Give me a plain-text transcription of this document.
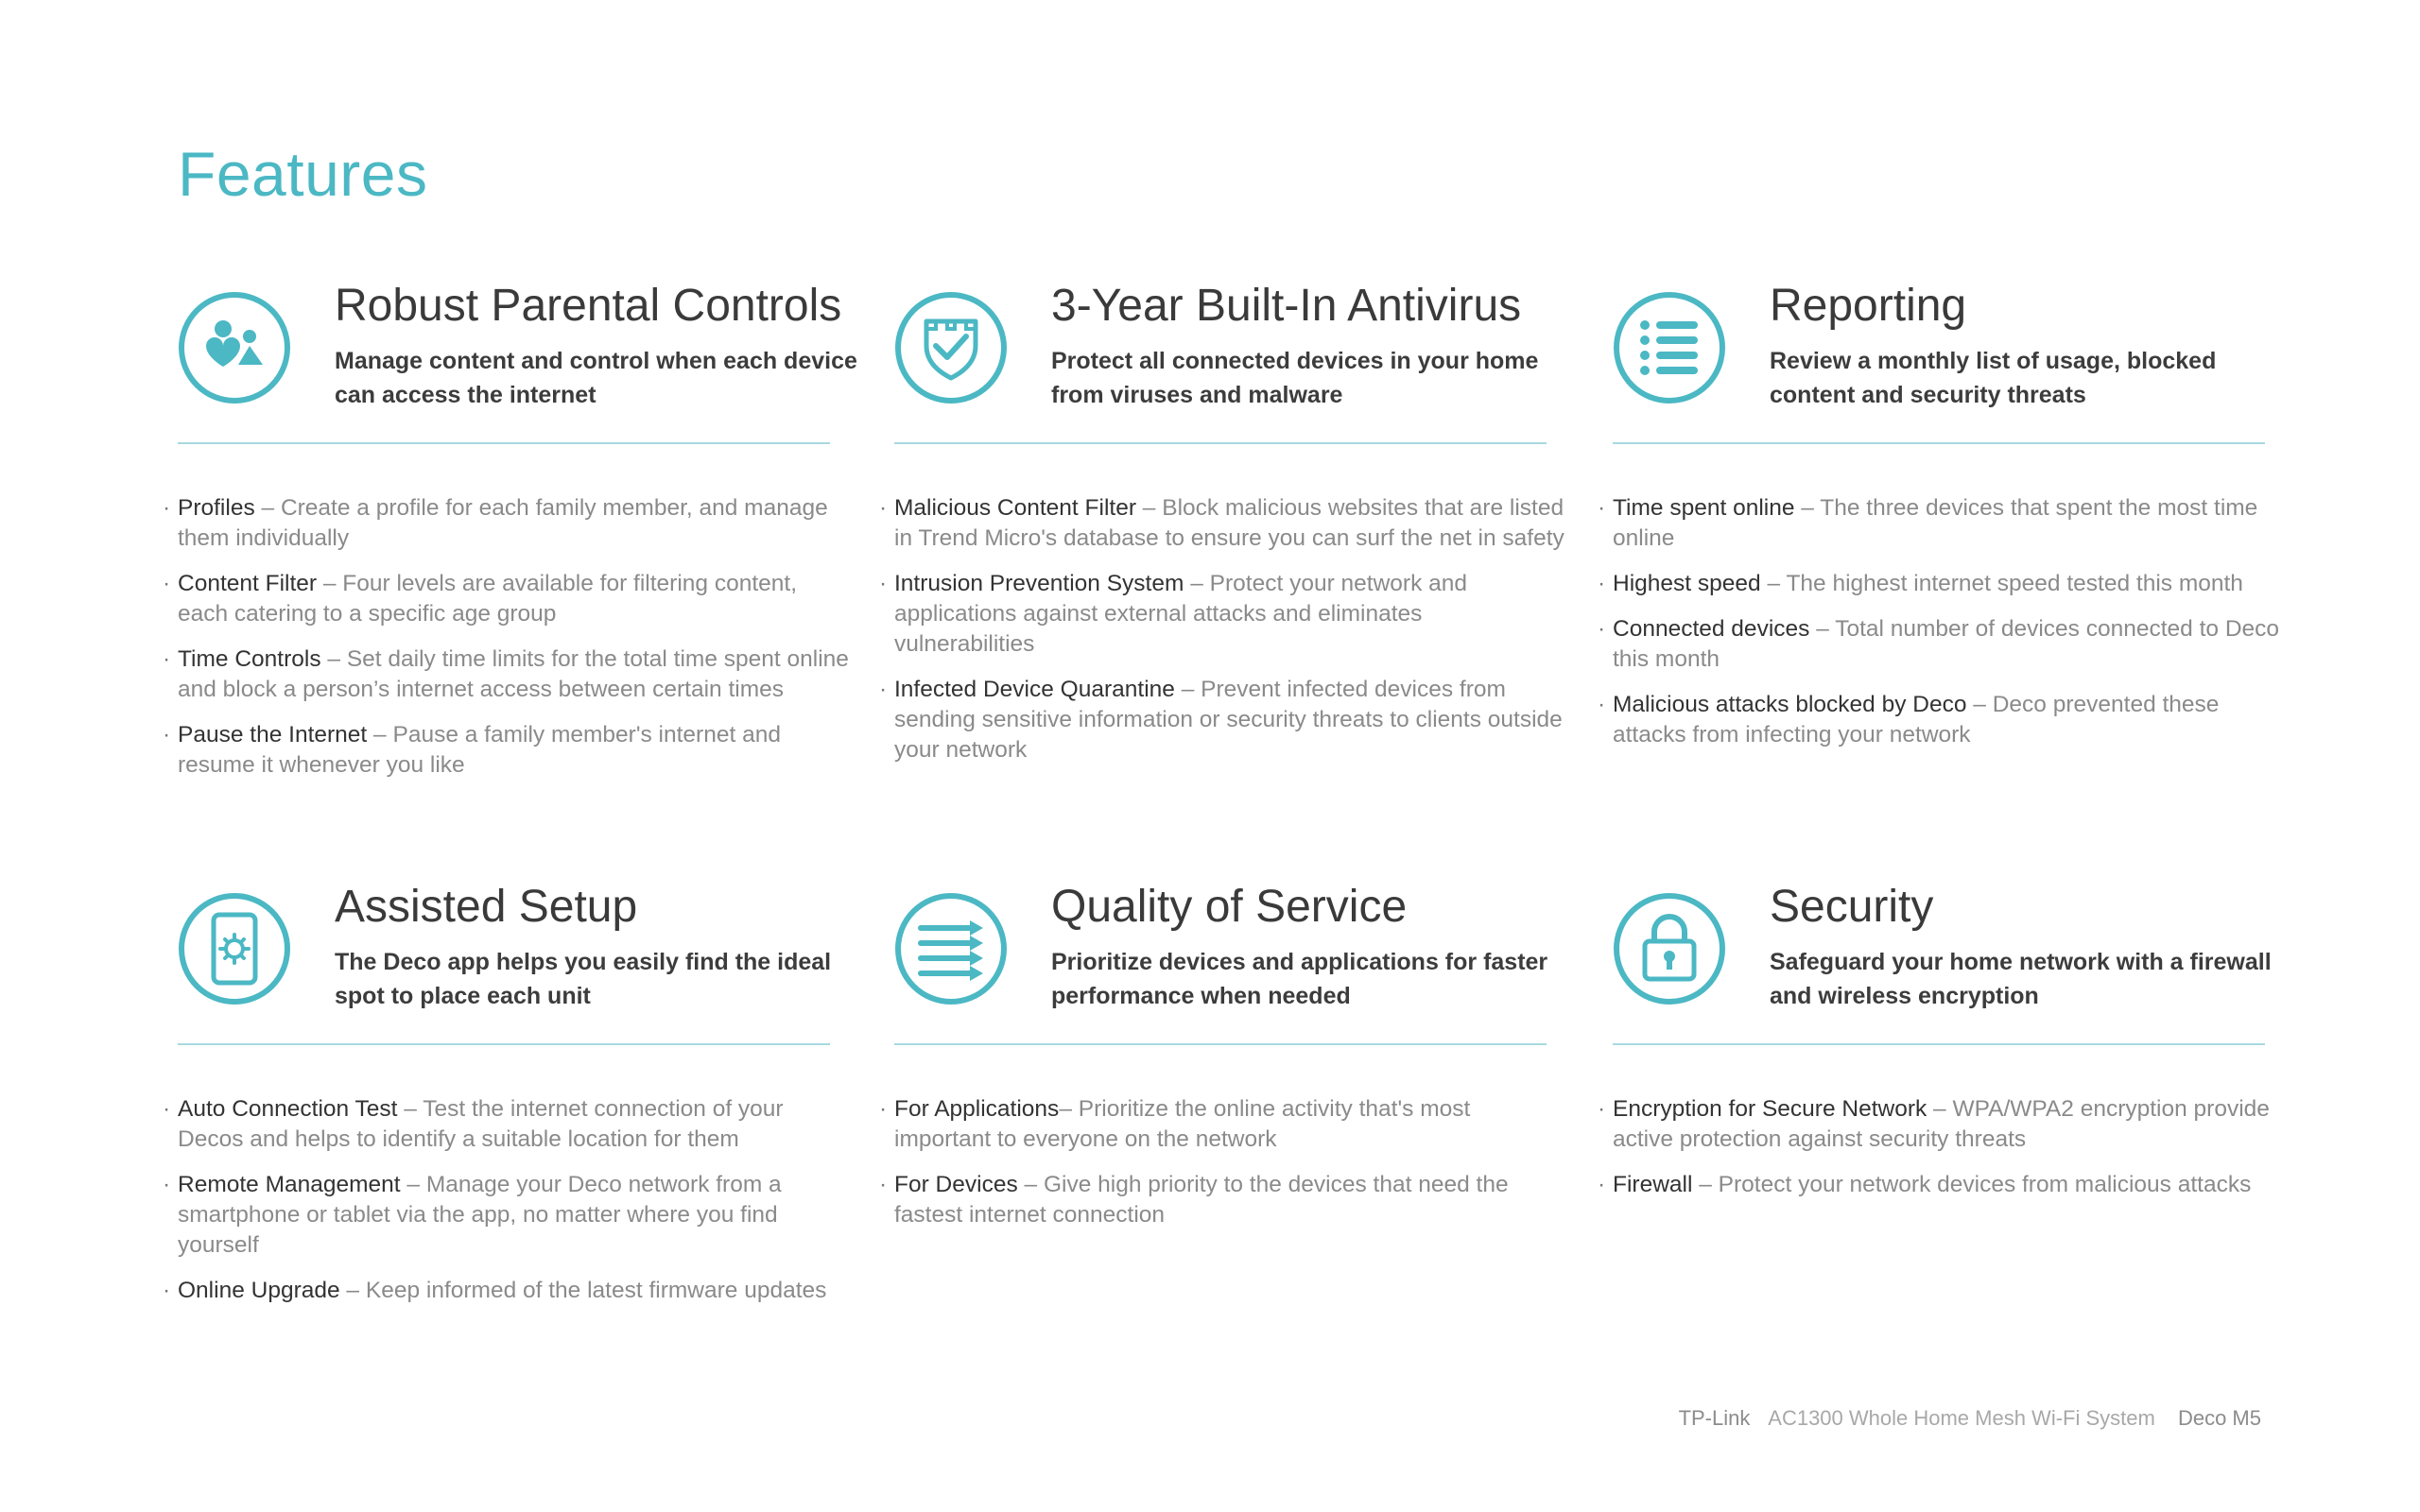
Features
Robust Parental Controls
Manage content and control when each device can access the internet
· Profiles – Create a profile for each family member, and manage them individually
· Content Filter – Four levels are available for filtering content, each catering to a specific age group
· Time Controls – Set daily time limits for the total time spent online and block a person’s internet access between certain times
· Pause the Internet – Pause a family member's internet and resume it whenever you like
3-Year Built-In Antivirus
Protect all connected devices in your home from viruses and malware
· Malicious Content Filter – Block malicious websites that are listed in Trend Micro's database to ensure you can surf the net in safety
· Intrusion Prevention System – Protect your network and applications against external attacks and eliminates vulnerabilities
· Infected Device Quarantine – Prevent infected devices from sending sensitive information or security threats to clients outside your network
Reporting
Review a monthly list of usage, blocked content and security threats
· Time spent online – The three devices that spent the most time online
· Highest speed – The highest internet speed tested this month
· Connected devices – Total number of devices connected to Deco this month
· Malicious attacks blocked by Deco – Deco prevented these attacks from infecting your network
Assisted Setup
The Deco app helps you easily find the ideal spot to place each unit
· Auto Connection Test – Test the internet connection of your Decos and helps to identify a suitable location for them
· Remote Management – Manage your Deco network from a smartphone or tablet via the app, no matter where you find yourself
· Online Upgrade – Keep informed of the latest firmware updates
Quality of Service
Prioritize devices and applications for faster performance when needed
· For Applications– Prioritize the online activity that's most important to everyone on the network
· For Devices – Give high priority to the devices that need the fastest internet connection
Security
Safeguard your home network with a firewall and wireless encryption
· Encryption for Secure Network – WPA/WPA2 encryption provide active protection against security threats
· Firewall – Protect your network devices from malicious attacks
TP-Link AC1300 Whole Home Mesh Wi-Fi System Deco M5
